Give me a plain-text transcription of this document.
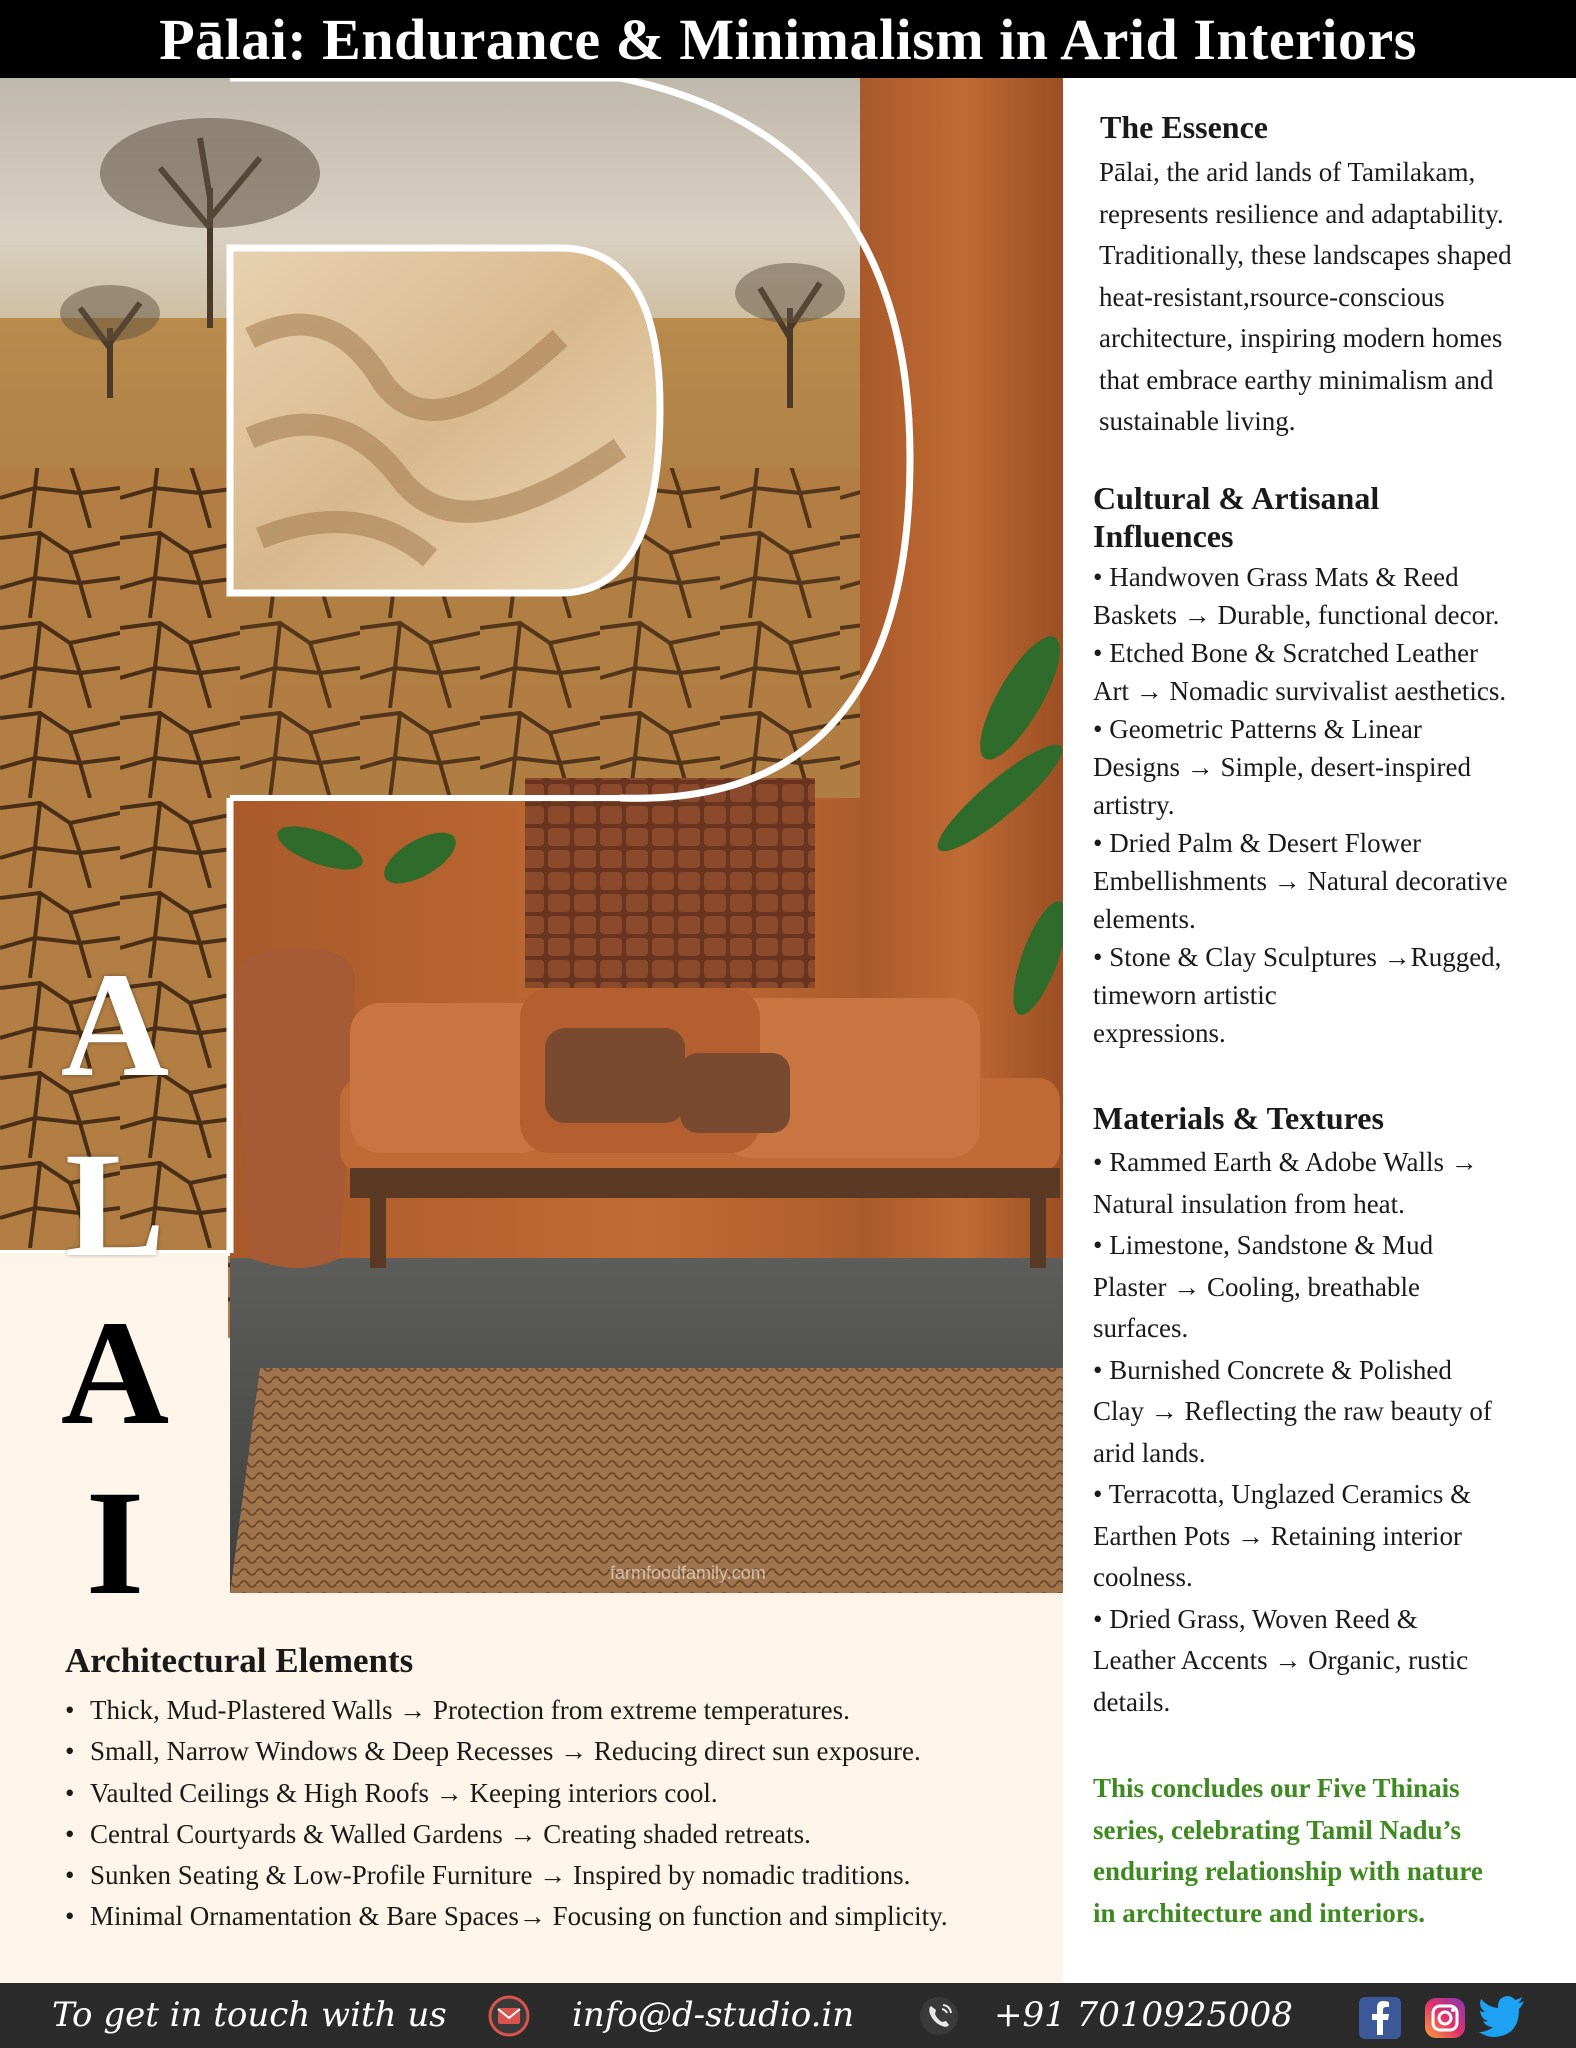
Pālai: Endurance & Minimalism in Arid Interiors
A
L
A
I	farmfoodfamily.com
The Essence
Pālai, the arid lands of Tamilakam,
represents resilience and adaptability.
Traditionally, these landscapes shaped
heat-resistant,rsource-conscious
architecture, inspiring modern homes
that embrace earthy minimalism and
sustainable living.
Cultural & Artisanal
Influences
• Handwoven Grass Mats & Reed
Baskets → Durable, functional decor.
• Etched Bone & Scratched Leather
Art → Nomadic survivalist aesthetics.
• Geometric Patterns & Linear
Designs → Simple, desert-inspired
artistry.
• Dried Palm & Desert Flower
Embellishments → Natural decorative
elements.
• Stone & Clay Sculptures →Rugged,
timeworn artistic
expressions.
Materials & Textures
• Rammed Earth & Adobe Walls →
Natural insulation from heat.
• Limestone, Sandstone & Mud
Plaster → Cooling, breathable
surfaces.
• Burnished Concrete & Polished
Clay → Reflecting the raw beauty of
arid lands.
• Terracotta, Unglazed Ceramics &
Earthen Pots → Retaining interior
coolness.
• Dried Grass, Woven Reed &
Leather Accents → Organic, rustic
details.
This concludes our Five Thinais
series, celebrating Tamil Nadu’s
enduring relationship with nature
in architecture and interiors.
Architectural Elements
• Thick, Mud-Plastered Walls → Protection from extreme temperatures.
• Small, Narrow Windows & Deep Recesses → Reducing direct sun exposure.
• Vaulted Ceilings & High Roofs → Keeping interiors cool.
• Central Courtyards & Walled Gardens → Creating shaded retreats.
• Sunken Seating & Low-Profile Furniture → Inspired by nomadic traditions.
• Minimal Ornamentation & Bare Spaces→ Focusing on function and simplicity.
To get in touch with us	info@d-studio.in	+91 7010925008
